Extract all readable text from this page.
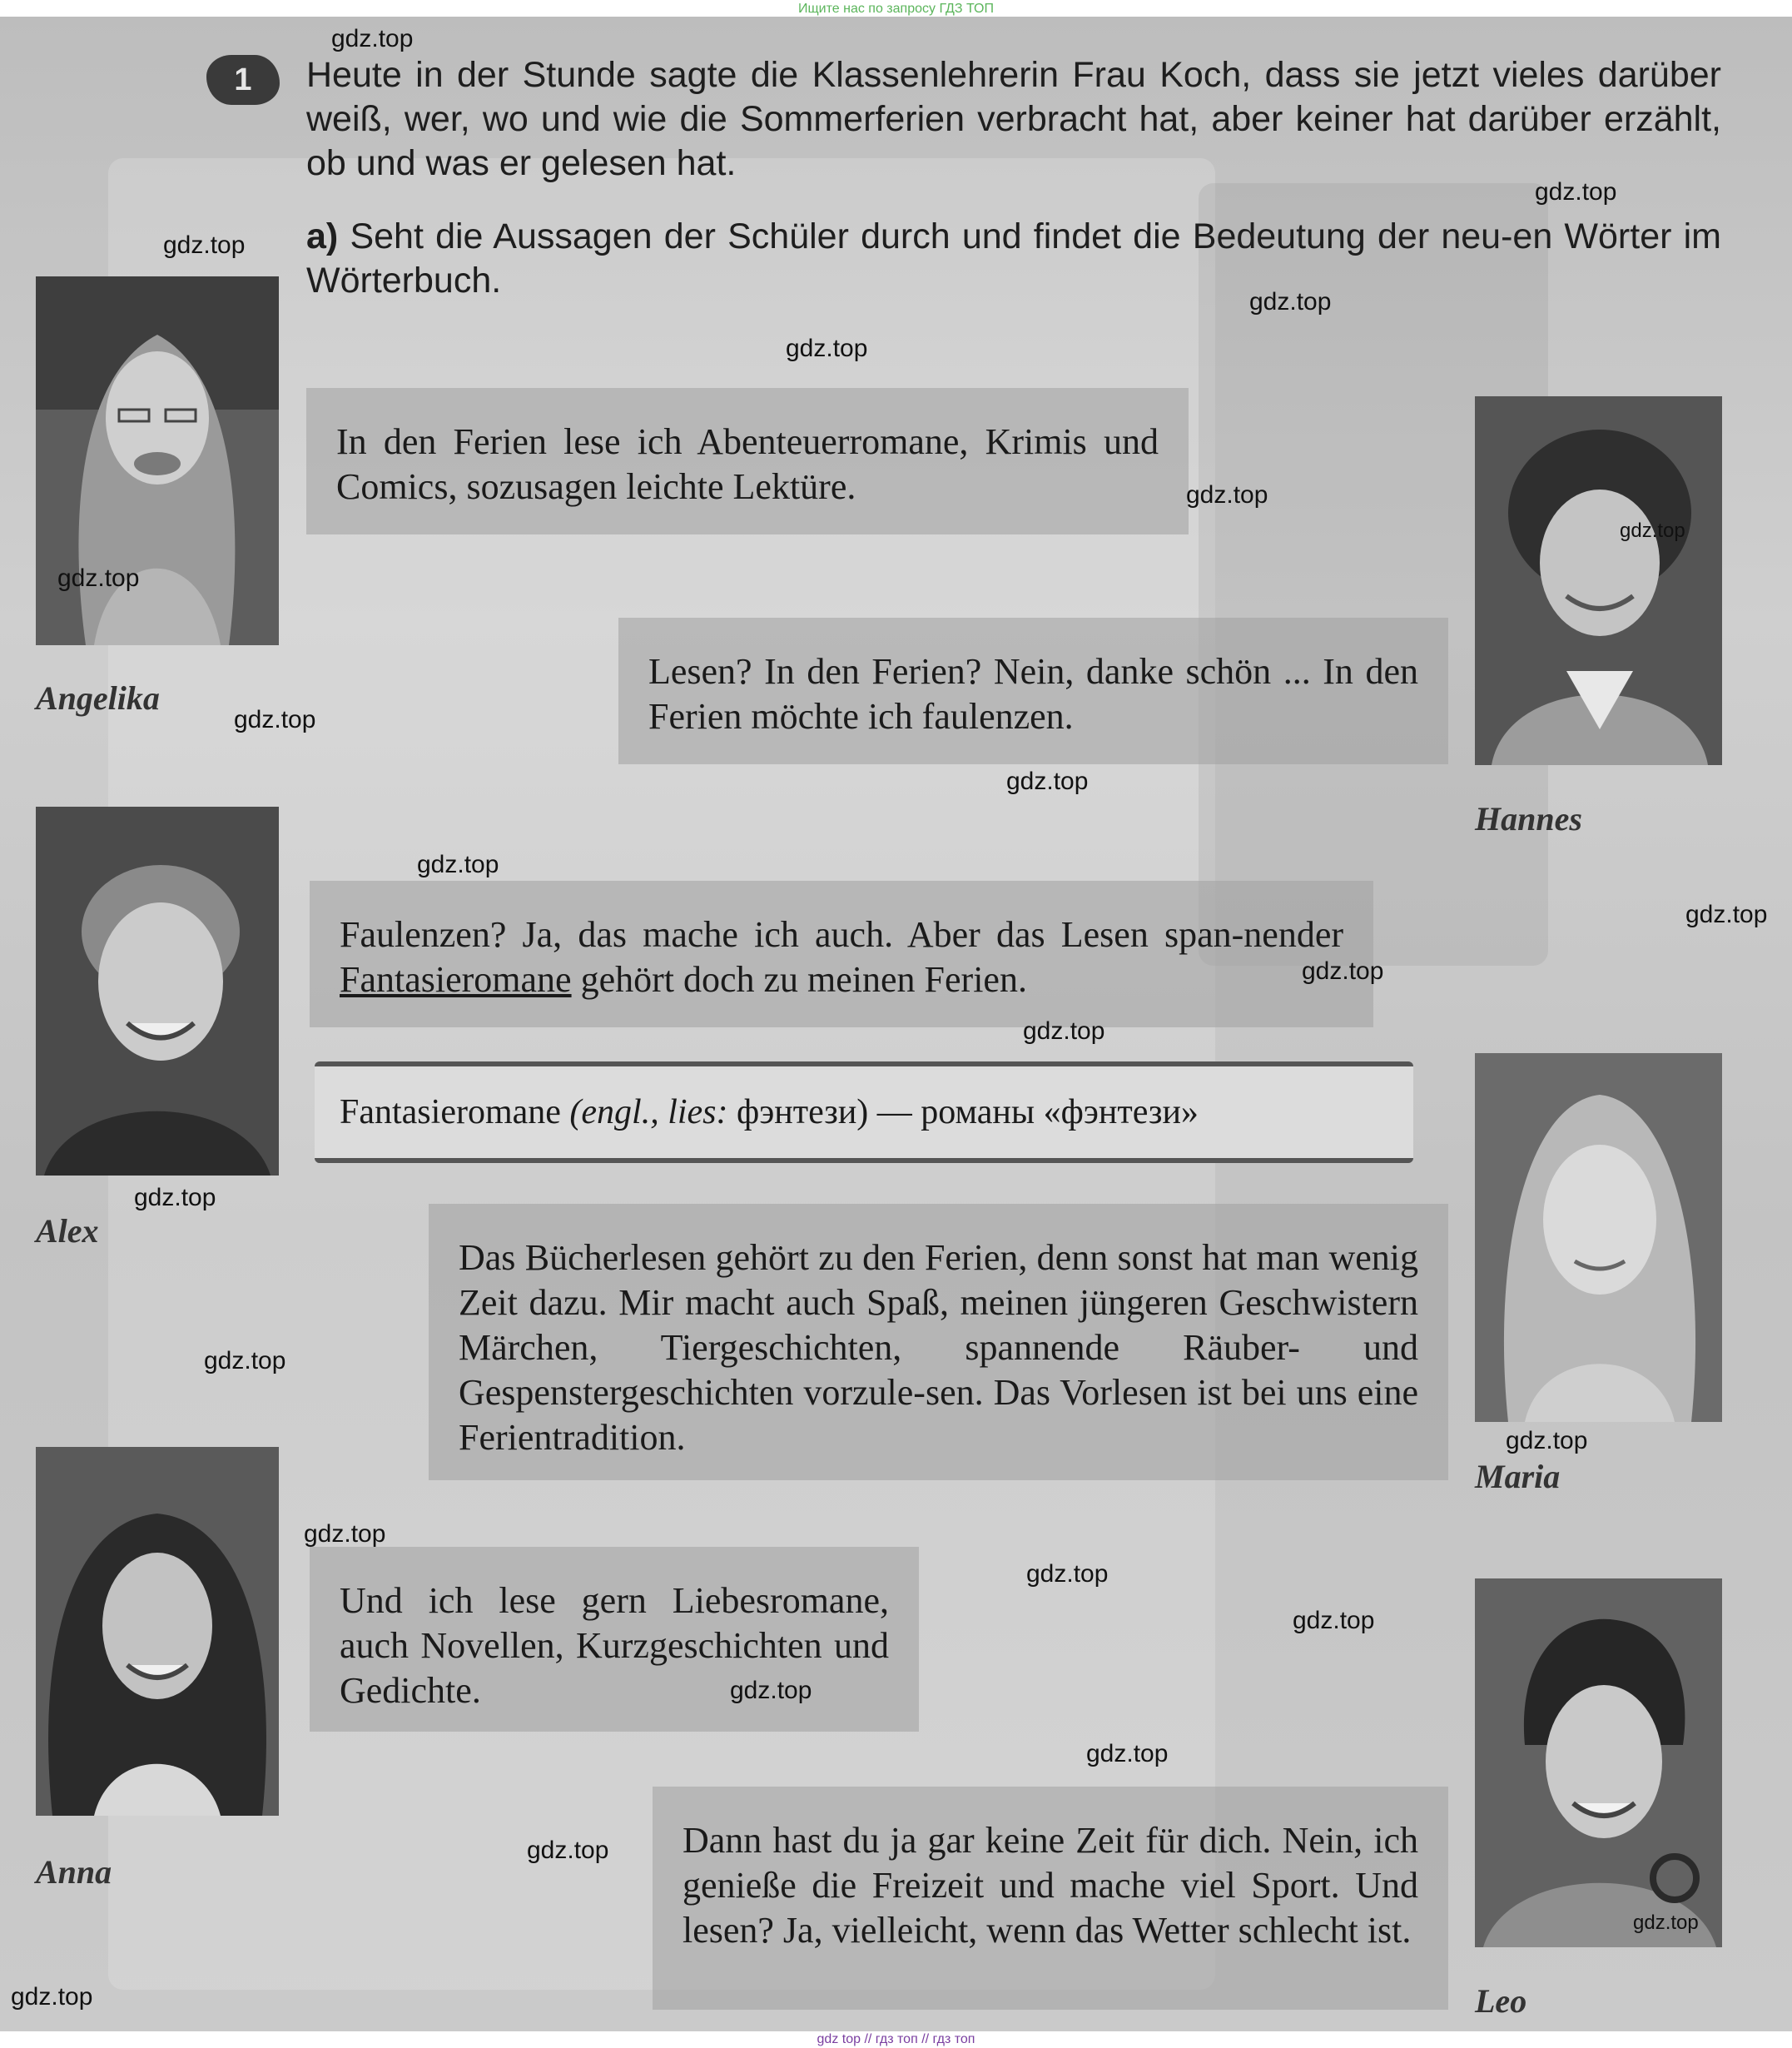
Ищите нас по запросу ГДЗ ТОП
1	Heute in der Stunde sagte die Klassenlehrerin Frau Koch, dass sie jetzt vieles darüber weiß, wer, wo und wie die Sommerferien verbracht hat, aber keiner hat darüber erzählt, ob und was er gelesen hat.
a) Seht die Aussagen der Schüler durch und findet die Bedeutung der neu-en Wörter im Wörterbuch.
Angelika
Hannes
Alex
Maria
Anna
Leo
In den Ferien lese ich Abenteuerromane, Krimis und Comics, sozusagen leichte Lektüre.
Lesen? In den Ferien? Nein, danke schön ... In den Ferien möchte ich faulenzen.
Faulenzen? Ja, das mache ich auch. Aber das Lesen span-nender Fantasieromane gehört doch zu meinen Ferien.
Fantasieromane (engl., lies: фэнтези) — романы «фэнтези»
Das Bücherlesen gehört zu den Ferien, denn sonst hat man wenig Zeit dazu. Mir macht auch Spaß, meinen jüngeren Geschwistern Märchen, Tiergeschichten, spannende Räuber- und Gespenstergeschichten vorzule-sen. Das Vorlesen ist bei uns eine Ferientradition.
Und ich lese gern Liebesromane, auch Novellen, Kurzgeschichten und Gedichte.
Dann hast du ja gar keine Zeit für dich. Nein, ich genieße die Freizeit und mache viel Sport. Und lesen? Ja, vielleicht, wenn das Wetter schlecht ist.
gdz.top
gdz.top
gdz.top
gdz.top
gdz.top
gdz.top
gdz.top
gdz.top
gdz.top
gdz.top
gdz.top
gdz.top
gdz.top
gdz.top
gdz.top
gdz.top
gdz.top
gdz.top
gdz.top
gdz.top
gdz.top
gdz.top
gdz.top
gdz.top
gdz.top
gdz top // гдз топ // гдз топ
